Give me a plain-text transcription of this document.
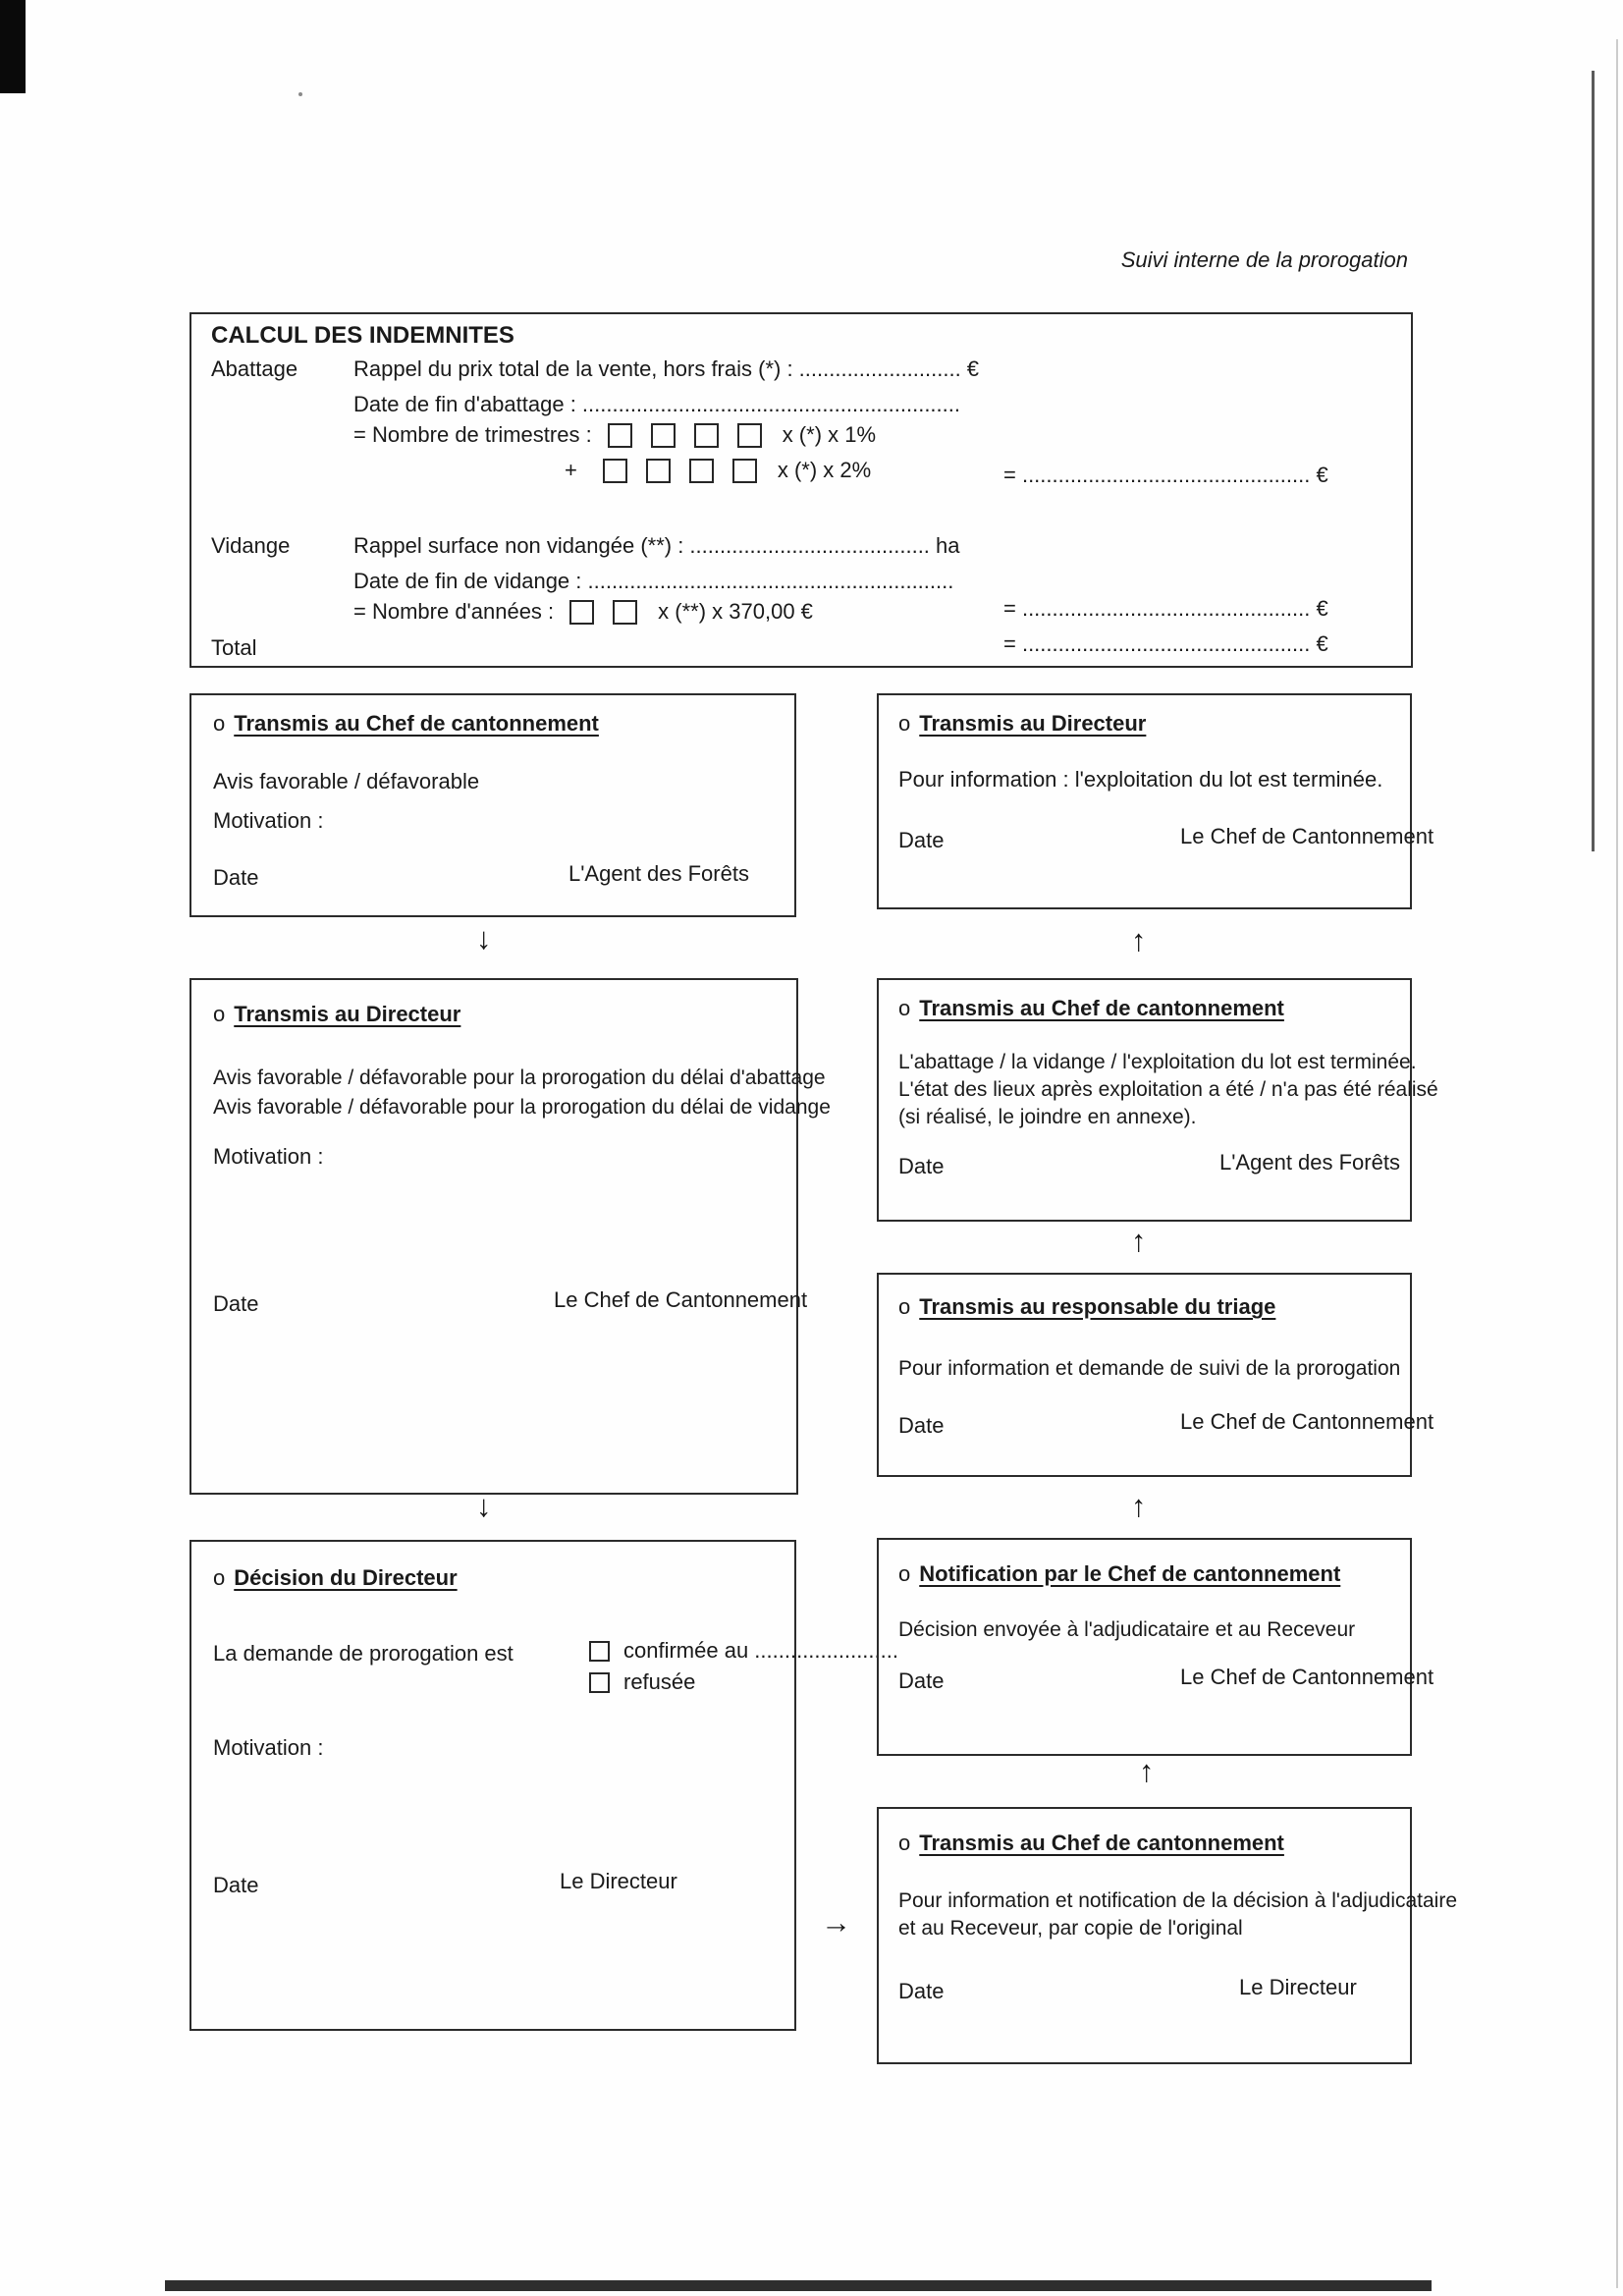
Suivi interne de la prorogation
CALCUL DES INDEMNITES
Abattage	Rappel du prix total de la vente, hors frais (*) : ........................... €
Date de fin d'abattage : ...............................................................
= Nombre de trimestres :	x (*) x 1%
+	x (*) x 2%	= ................................................ €
Vidange	Rappel surface non vidangée (**) : ........................................ ha
Date de fin de vidange : .............................................................
= Nombre d'années :	x (**) x 370,00 €	= ................................................ €
Total	= ................................................ €
o Transmis au Chef de cantonnement
Avis favorable / défavorable
Motivation :
Date	L'Agent des Forêts
o Transmis au Directeur
Pour information : l'exploitation du lot est terminée.
Date	Le Chef de Cantonnement
↓	↑
o Transmis au Directeur
Avis favorable / défavorable pour la prorogation du délai d'abattage
Avis favorable / défavorable pour la prorogation du délai de vidange
Motivation :
Date	Le Chef de Cantonnement
o Transmis au Chef de cantonnement
L'abattage / la vidange / l'exploitation du lot est terminée.
L'état des lieux après exploitation a été / n'a pas été réalisé
(si réalisé, le joindre en annexe).
Date	L'Agent des Forêts
↑
o Transmis au responsable du triage
Pour information et demande de suivi de la prorogation
Date	Le Chef de Cantonnement
↓	↑
o Décision du Directeur
La demande de prorogation est	confirmée au ........................
refusée
Motivation :
Date	Le Directeur
o Notification par le Chef de cantonnement
Décision envoyée à l'adjudicataire et au Receveur
Date	Le Chef de Cantonnement
↑
→
o Transmis au Chef de cantonnement
Pour information et notification de la décision à l'adjudicataire
et au Receveur, par copie de l'original
Date	Le Directeur
